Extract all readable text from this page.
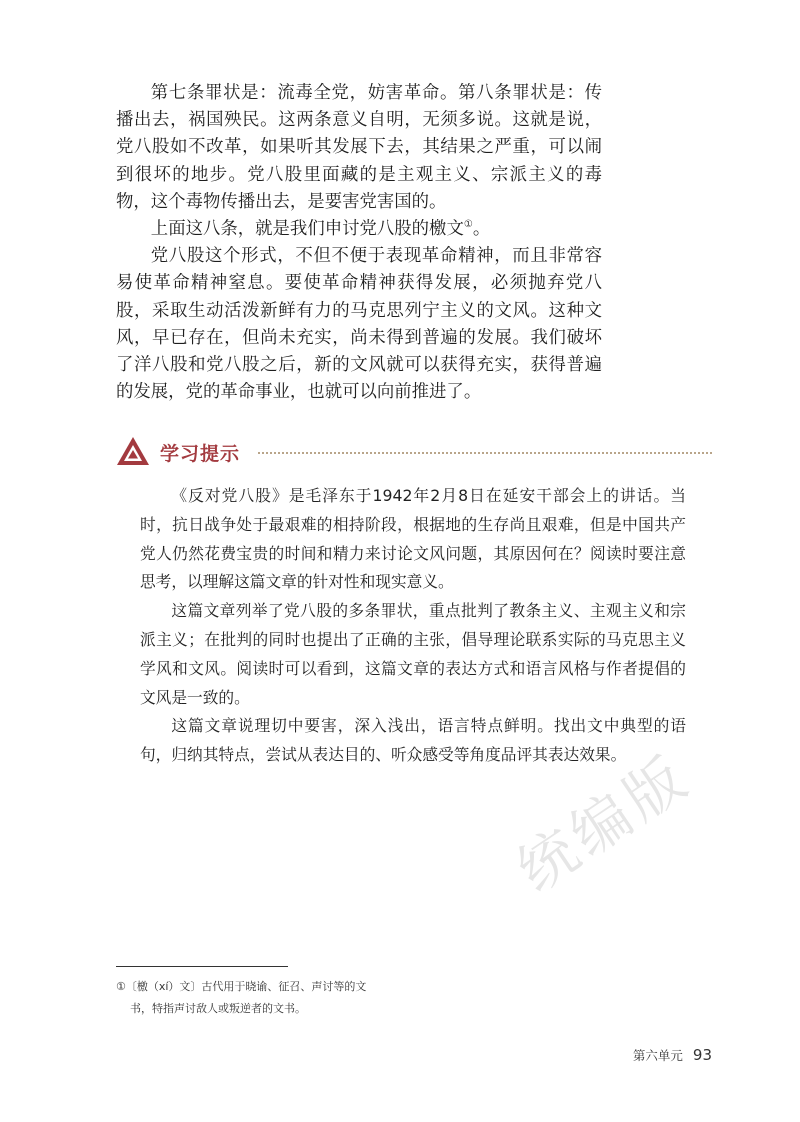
第七条罪状是：流毒全党，妨害革命。第八条罪状是：传播出去，祸国殃民。这两条意义自明，无须多说。这就是说，党八股如不改革，如果听其发展下去，其结果之严重，可以闹到很坏的地步。党八股里面藏的是主观主义、宗派主义的毒物，这个毒物传播出去，是要害党害国的。

上面这八条，就是我们申讨党八股的檄文①。

党八股这个形式，不但不便于表现革命精神，而且非常容易使革命精神窒息。要使革命精神获得发展，必须抛弃党八股，采取生动活泼新鲜有力的马克思列宁主义的文风。这种文风，早已存在，但尚未充实，尚未得到普遍的发展。我们破坏了洋八股和党八股之后，新的文风就可以获得充实，获得普遍的发展，党的革命事业，也就可以向前推进了。

学习提示

《反对党八股》是毛泽东于1942年2月8日在延安干部会上的讲话。当时，抗日战争处于最艰难的相持阶段，根据地的生存尚且艰难，但是中国共产党人仍然花费宝贵的时间和精力来讨论文风问题，其原因何在？阅读时要注意思考，以理解这篇文章的针对性和现实意义。

这篇文章列举了党八股的多条罪状，重点批判了教条主义、主观主义和宗派主义；在批判的同时也提出了正确的主张，倡导理论联系实际的马克思主义学风和文风。阅读时可以看到，这篇文章的表达方式和语言风格与作者提倡的文风是一致的。

这篇文章说理切中要害，深入浅出，语言特点鲜明。找出文中典型的语句，归纳其特点，尝试从表达目的、听众感受等角度品评其表达效果。

统编版
①〔檄（xí）文〕古代用于晓谕、征召、声讨等的文
书，特指声讨敌人或叛逆者的文书。
第六单元 93
